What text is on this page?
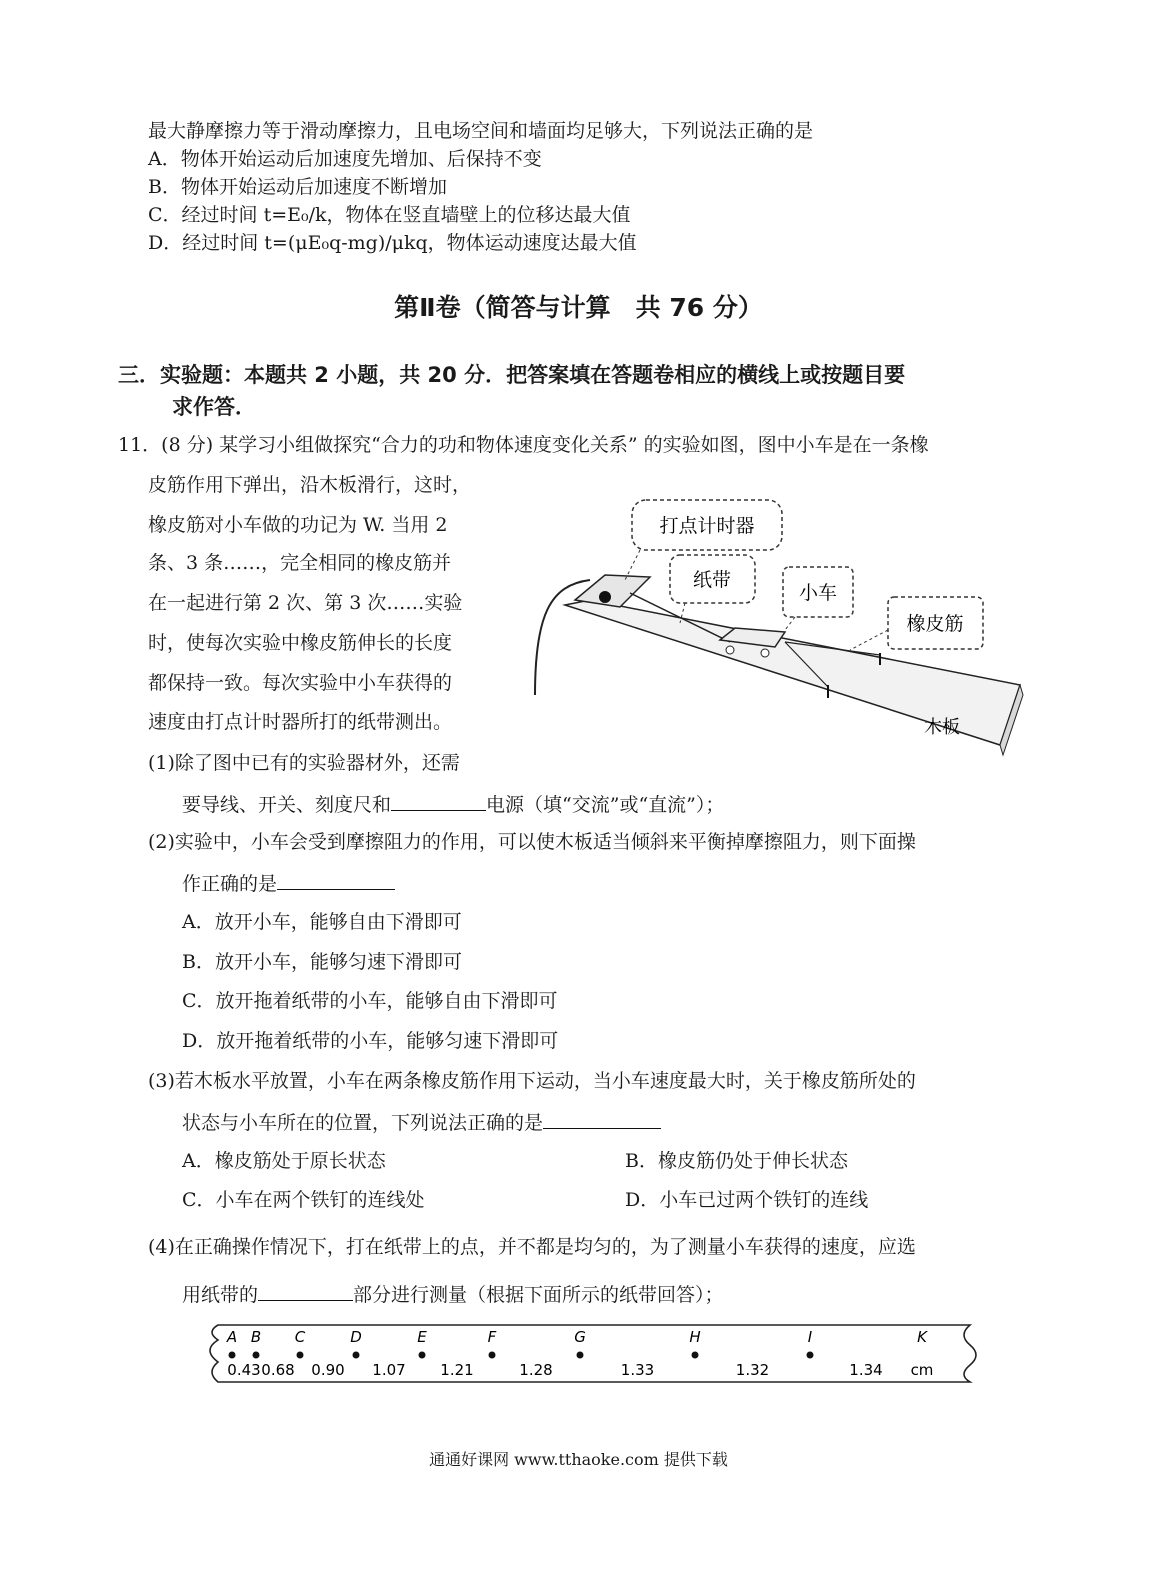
最大静摩擦力等于滑动摩擦力，且电场空间和墙面均足够大，下列说法正确的是
A．物体开始运动后加速度先增加、后保持不变
B．物体开始运动后加速度不断增加
C．经过时间 t=E₀/k，物体在竖直墙壁上的位移达最大值
D．经过时间 t=(μE₀q-mg)/μkq，物体运动速度达最大值
第Ⅱ卷（简答与计算　共 76 分）
三．实验题：本题共 2 小题，共 20 分．把答案填在答题卷相应的横线上或按题目要
求作答．
11．(8 分) 某学习小组做探究“合力的功和物体速度变化关系” 的实验如图，图中小车是在一条橡
皮筋作用下弹出，沿木板滑行，这时，
橡皮筋对小车做的功记为 W. 当用 2
条、3 条……，完全相同的橡皮筋并
在一起进行第 2 次、第 3 次……实验
时，使每次实验中橡皮筋伸长的长度
都保持一致。每次实验中小车获得的
速度由打点计时器所打的纸带测出。
打点计时器
纸带
小车
橡皮筋
木板
(1)除了图中已有的实验器材外，还需
要导线、开关、刻度尺和	电源（填“交流”或“直流”）；
(2)实验中，小车会受到摩擦阻力的作用，可以使木板适当倾斜来平衡掉摩擦阻力，则下面操
作正确的是
A．放开小车，能够自由下滑即可
B．放开小车，能够匀速下滑即可
C．放开拖着纸带的小车，能够自由下滑即可
D．放开拖着纸带的小车，能够匀速下滑即可
(3)若木板水平放置，小车在两条橡皮筋作用下运动，当小车速度最大时，关于橡皮筋所处的
状态与小车所在的位置，下列说法正确的是
A．橡皮筋处于原长状态	B．橡皮筋仍处于伸长状态
C．小车在两个铁钉的连线处	D．小车已过两个铁钉的连线
(4)在正确操作情况下，打在纸带上的点，并不都是均匀的，为了测量小车获得的速度，应选
用纸带的	部分进行测量（根据下面所示的纸带回答）；
A B C	D	E	F	G	H	I	K
0.43 0.68 0.90 1.07 1.21	1.28	1.33	1.32	1.34 cm
通通好课网 www.tthaoke.com 提供下载
